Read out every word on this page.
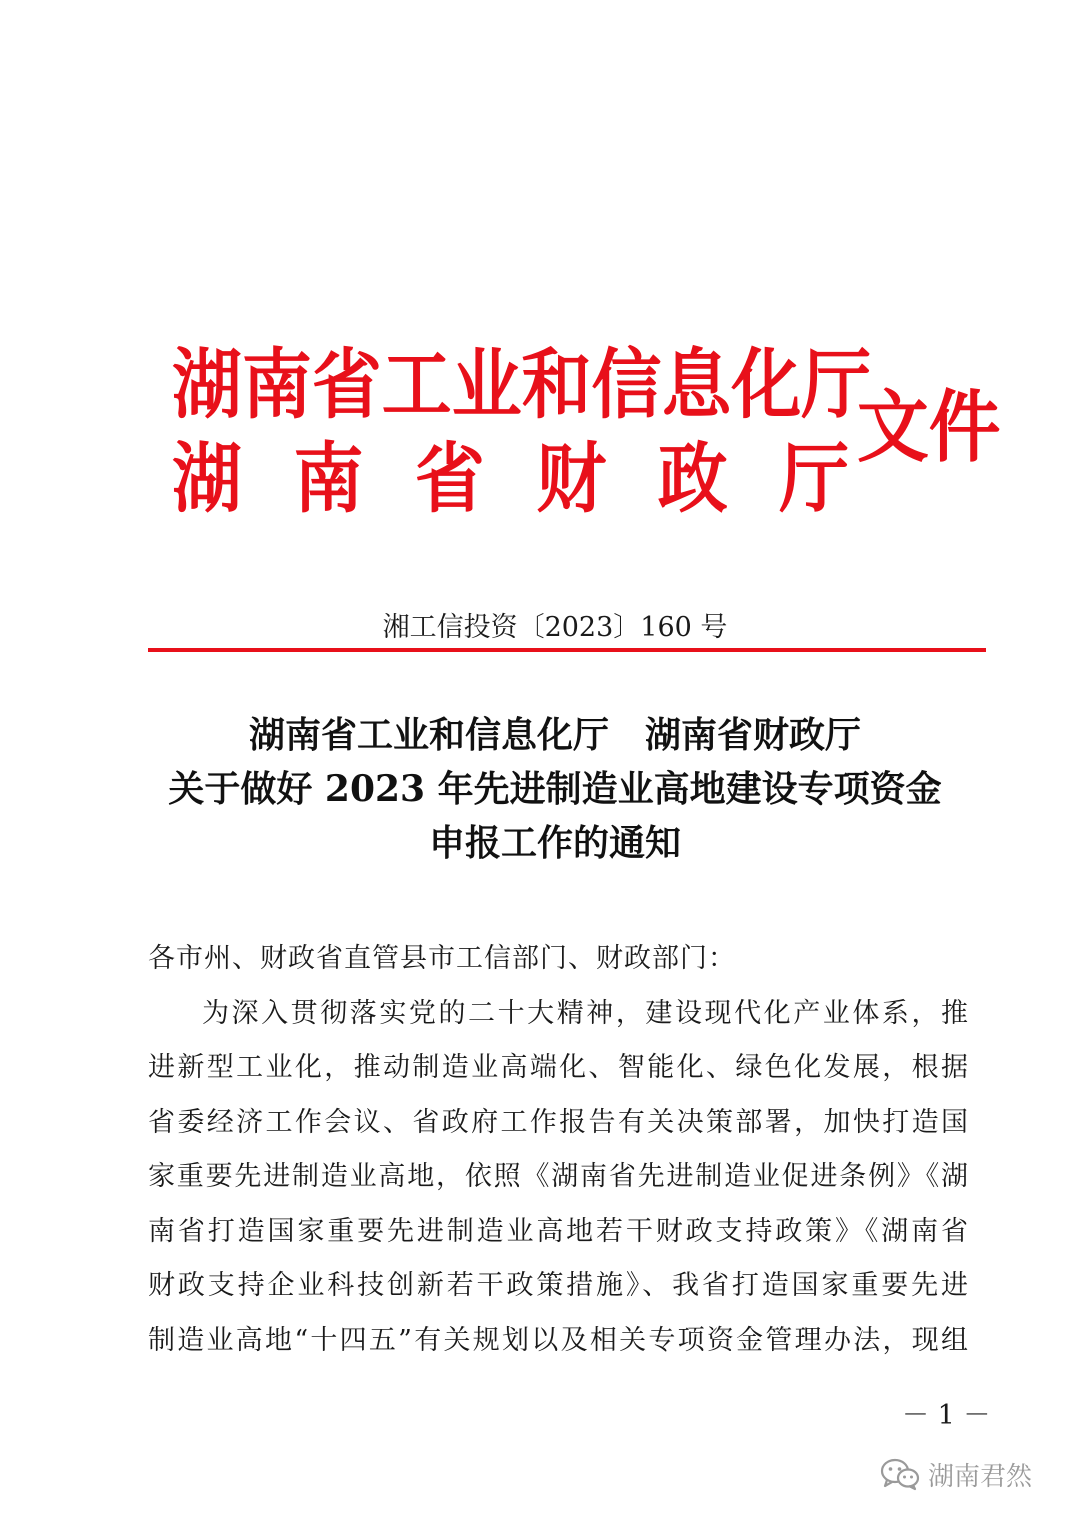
湖南省工业和信息化厅
湖南省财政厅
文件
湘工信投资〔2023〕160 号
湖南省工业和信息化厅　湖南省财政厅
关于做好 2023 年先进制造业高地建设专项资金
申报工作的通知
各市州、财政省直管县市工信部门、财政部门：
为深入贯彻落实党的二十大精神，建设现代化产业体系，推
进新型工业化，推动制造业高端化、智能化、绿色化发展，根据
省委经济工作会议、省政府工作报告有关决策部署，加快打造国
家重要先进制造业高地，依照《湖南省先进制造业促进条例》《湖
南省打造国家重要先进制造业高地若干财政支持政策》《湖南省
财政支持企业科技创新若干政策措施》、我省打造国家重要先进
制造业高地“十四五”有关规划以及相关专项资金管理办法，现组
－ 1 －
湖南君然
